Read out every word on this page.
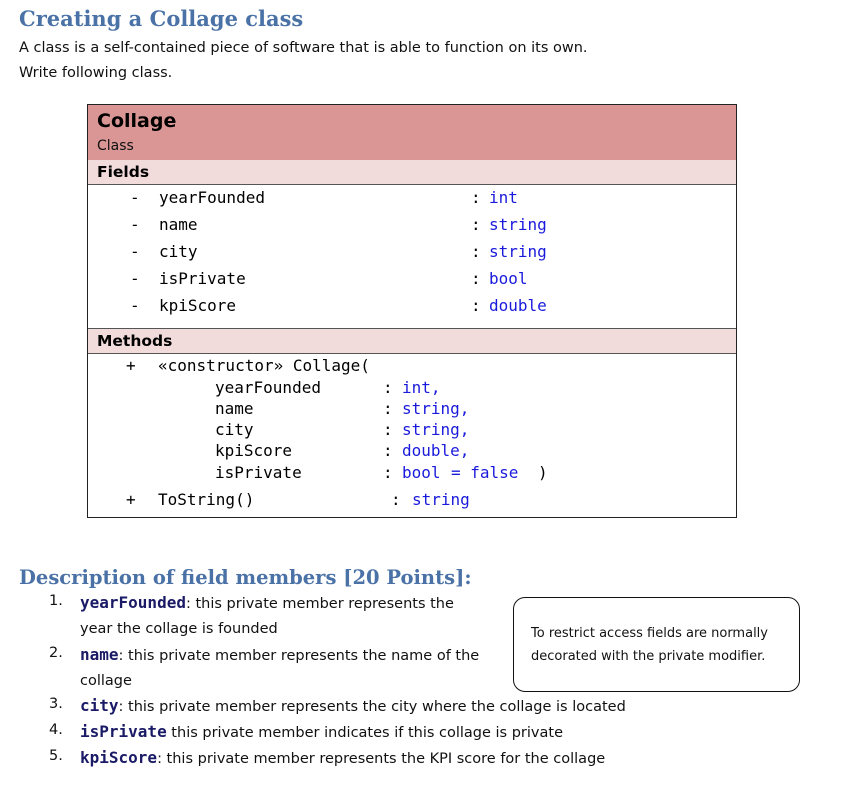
Creating a Collage class
A class is a self-contained piece of software that is able to function on its own.
Write following class.
Collage
Class
Fields
- yearFounded	: int
- name	: string
- city	: string
- isPrivate	: bool
- kpiScore	: double
Methods
+ «constructor» Collage(
yearFounded	: int,
name	: string,
city	: string,
kpiScore	: double,
isPrivate	: bool = false )
+ ToString()	: string
Description of field members [20 Points]:
1. yearFounded: this private member represents the
year the collage is founded
2. name: this private member represents the name of the
collage
3. city: this private member represents the city where the collage is located
4. isPrivate this private member indicates if this collage is private
5. kpiScore: this private member represents the KPI score for the collage
To restrict access fields are normally
decorated with the private modifier.
